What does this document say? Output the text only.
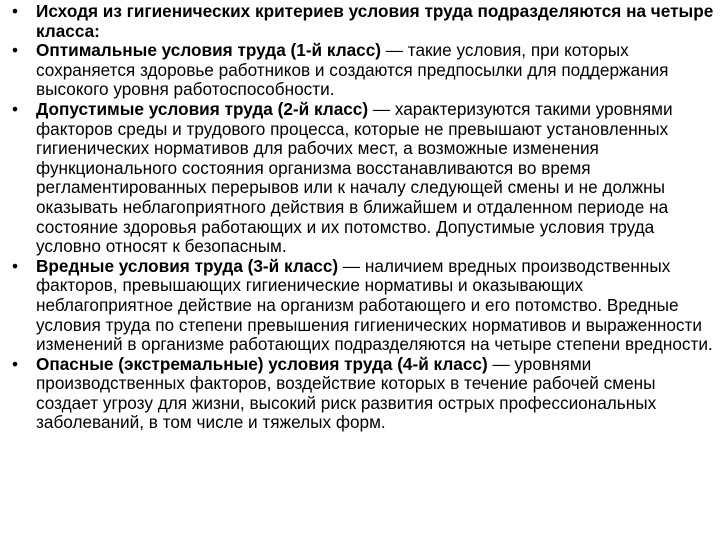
•	Исходя из гигиенических критериев условия труда подразделяются на четыре класса:
•	Оптимальные условия труда (1-й класс) — такие условия, при которых сохраняется здоровье работников и создаются предпосылки для поддержания высокого уровня работоспособности.
•	Допустимые условия труда (2-й класс) — характеризуются такими уровнями факторов среды и трудового процесса, которые не превышают установленных гигиенических нормативов для рабочих мест, а возможные изменения функционального состояния организма восстанавливаются во время регламентированных перерывов или к началу следующей смены и не должны оказывать неблагоприятного действия в ближайшем и отдаленном периоде на состояние здоровья работающих и их потомство. Допустимые условия труда условно относят к безопасным.
•	Вредные условия труда (3-й класс) — наличием вредных производственных факторов, превышающих гигиенические нормативы и оказывающих неблагоприятное действие на организм работающего и его потомство. Вредные условия труда по степени превышения гигиенических нормативов и выраженности изменений в организме работающих подразделяются на четыре степени вредности.
•	Опасные (экстремальные) условия труда (4-й класс) — уровнями производственных факторов, воздействие которых в течение рабочей смены создает угрозу для жизни, высокий риск развития острых профессиональных заболеваний, в том числе и тяжелых форм.
